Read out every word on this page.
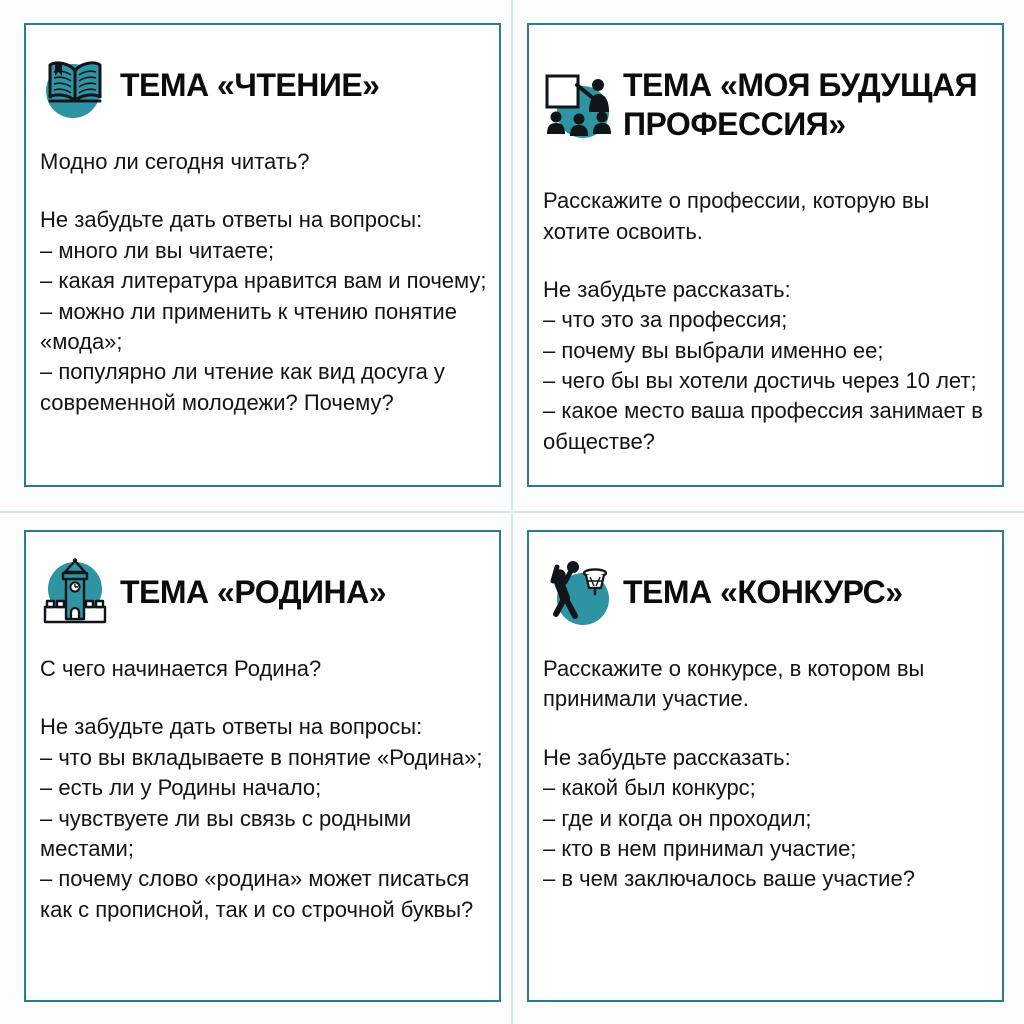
ТЕМА «ЧТЕНИЕ»

Модно ли сегодня читать?

Не забудьте дать ответы на вопросы:

– много ли вы читаете;
– какая литература нравится вам и почему;
– можно ли применить к чтению понятие «мода»;
– популярно ли чтение как вид досуга у современной молодежи? Почему?
ТЕМА «МОЯ БУДУЩАЯ ПРОФЕССИЯ»

Расскажите о профессии, которую вы хотите освоить.

Не забудьте рассказать:

– что это за профессия;
– почему вы выбрали именно ее;
– чего бы вы хотели достичь через 10 лет;
– какое место ваша профессия занимает в обществе?
ТЕМА «РОДИНА»

С чего начинается Родина?

Не забудьте дать ответы на вопросы:

– что вы вкладываете в понятие «Родина»;
– есть ли у Родины начало;
– чувствуете ли вы связь с родными местами;
– почему слово «родина» может писаться как с прописной, так и со строчной буквы?
ТЕМА «КОНКУРС»

Расскажите о конкурсе, в котором вы принимали участие.

Не забудьте рассказать:

– какой был конкурс;
– где и когда он проходил;
– кто в нем принимал участие;
– в чем заключалось ваше участие?
